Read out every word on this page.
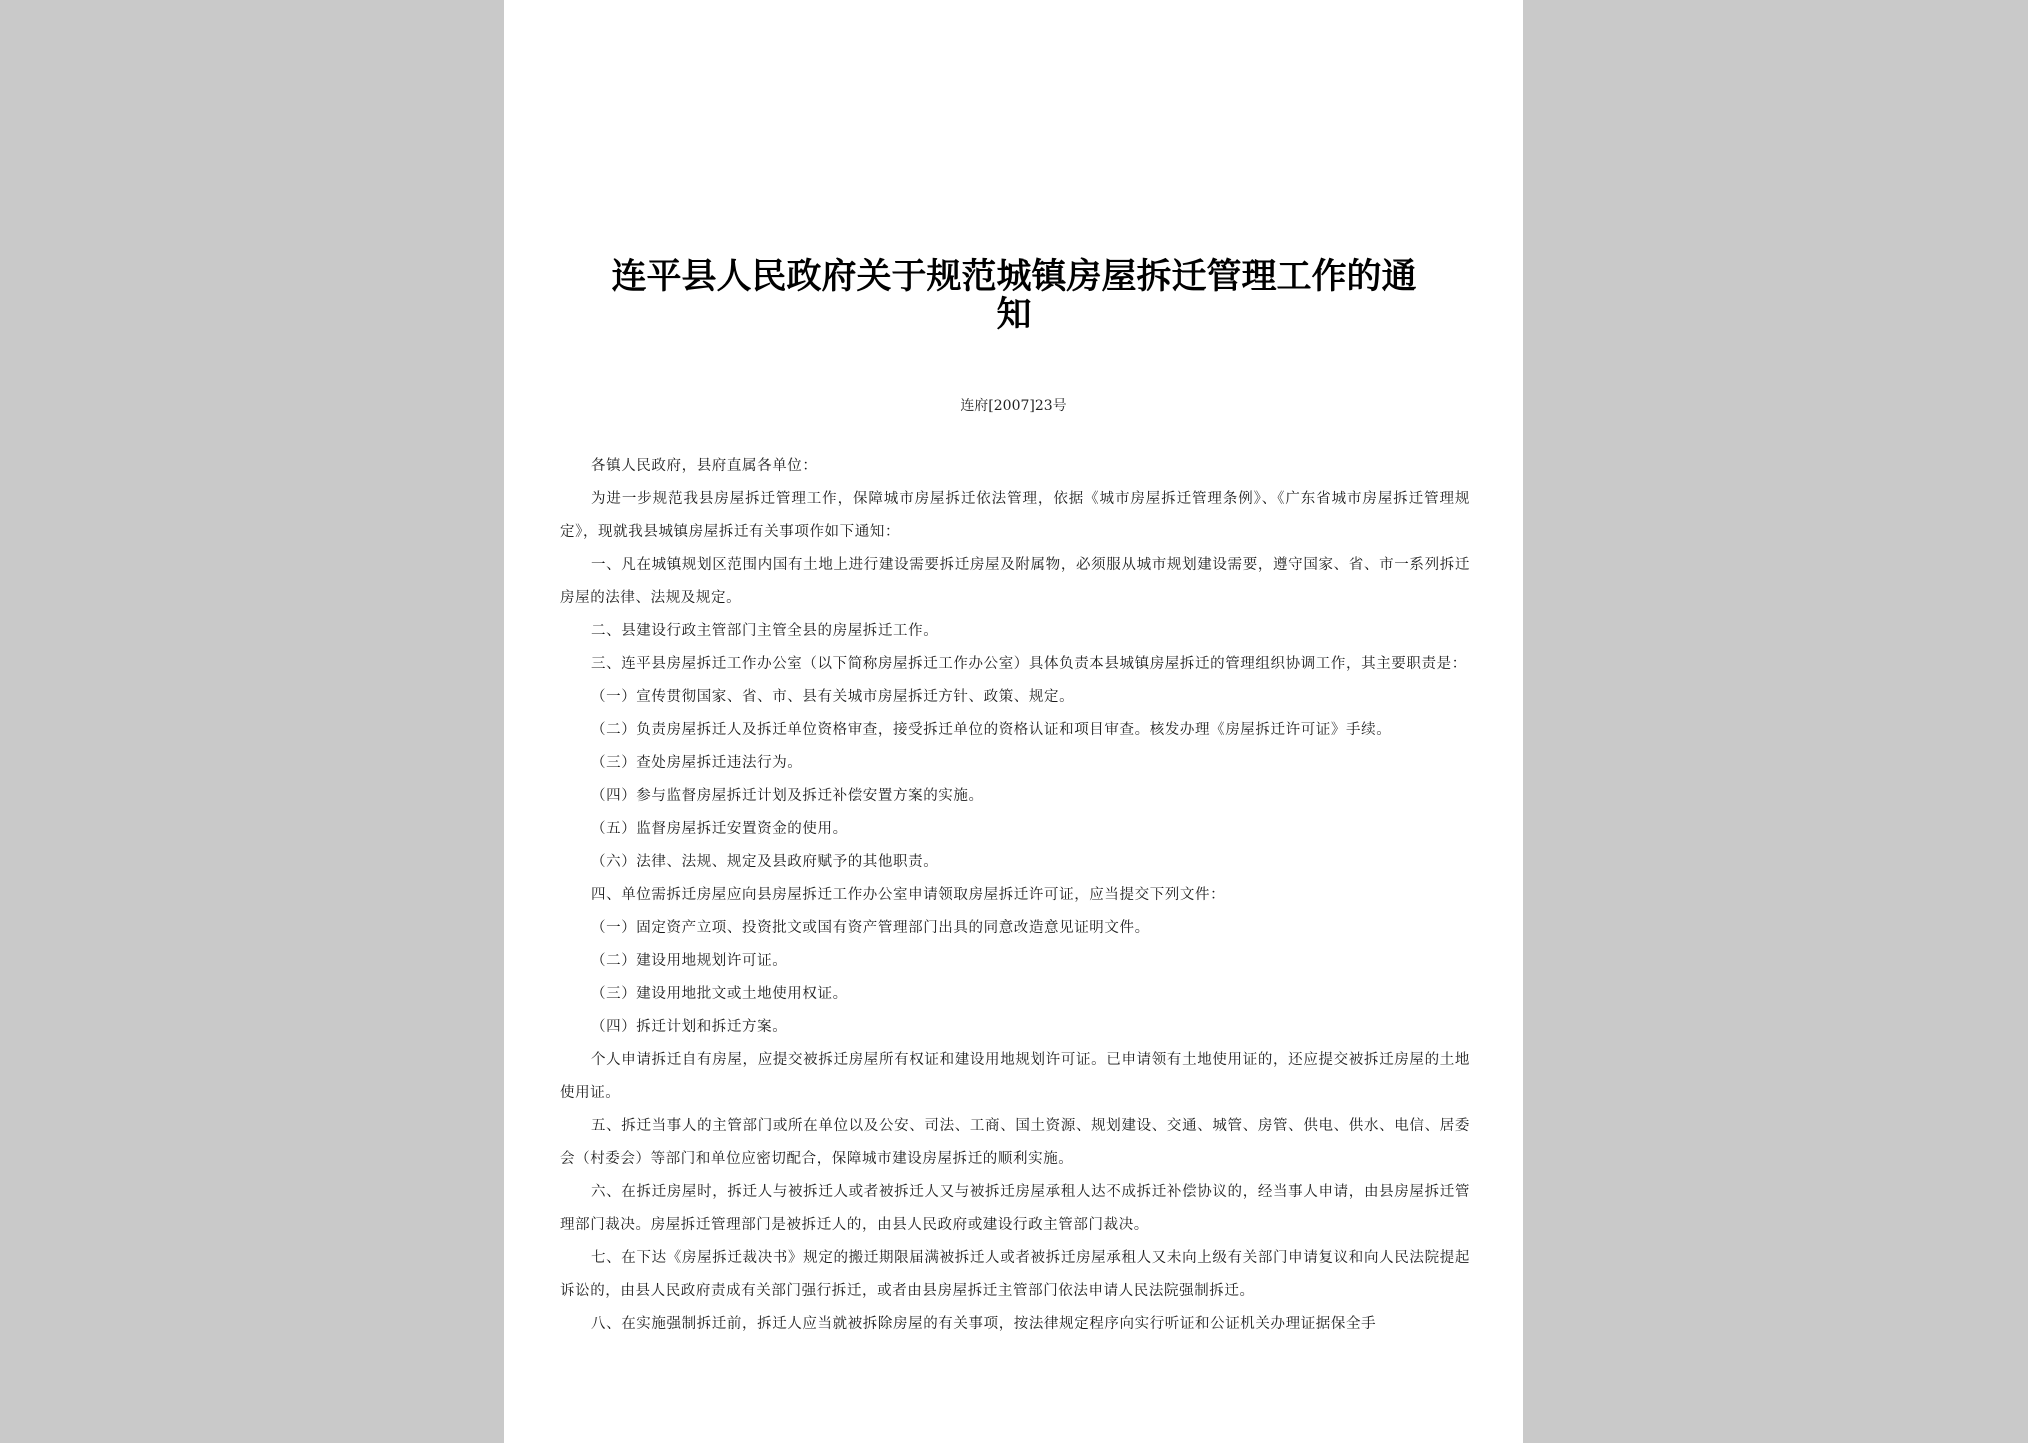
连平县人民政府关于规范城镇房屋拆迁管理工作的通
知
连府[2007]23号

各镇人民政府，县府直属各单位：

为进一步规范我县房屋拆迁管理工作，保障城市房屋拆迁依法管理，依据《城市房屋拆迁管理条例》、《广东省城市房屋拆迁管理规定》，现就我县城镇房屋拆迁有关事项作如下通知：

一、凡在城镇规划区范围内国有土地上进行建设需要拆迁房屋及附属物，必须服从城市规划建设需要，遵守国家、省、市一系列拆迁房屋的法律、法规及规定。

二、县建设行政主管部门主管全县的房屋拆迁工作。

三、连平县房屋拆迁工作办公室（以下简称房屋拆迁工作办公室）具体负责本县城镇房屋拆迁的管理组织协调工作，其主要职责是：

（一）宣传贯彻国家、省、市、县有关城市房屋拆迁方针、政策、规定。

（二）负责房屋拆迁人及拆迁单位资格审查，接受拆迁单位的资格认证和项目审查。核发办理《房屋拆迁许可证》手续。

（三）查处房屋拆迁违法行为。

（四）参与监督房屋拆迁计划及拆迁补偿安置方案的实施。

（五）监督房屋拆迁安置资金的使用。

（六）法律、法规、规定及县政府赋予的其他职责。

四、单位需拆迁房屋应向县房屋拆迁工作办公室申请领取房屋拆迁许可证，应当提交下列文件：

（一）固定资产立项、投资批文或国有资产管理部门出具的同意改造意见证明文件。

（二）建设用地规划许可证。

（三）建设用地批文或土地使用权证。

（四）拆迁计划和拆迁方案。

个人申请拆迁自有房屋，应提交被拆迁房屋所有权证和建设用地规划许可证。已申请领有土地使用证的，还应提交被拆迁房屋的土地使用证。

五、拆迁当事人的主管部门或所在单位以及公安、司法、工商、国土资源、规划建设、交通、城管、房管、供电、供水、电信、居委会（村委会）等部门和单位应密切配合，保障城市建设房屋拆迁的顺利实施。

六、在拆迁房屋时，拆迁人与被拆迁人或者被拆迁人又与被拆迁房屋承租人达不成拆迁补偿协议的，经当事人申请，由县房屋拆迁管理部门裁决。房屋拆迁管理部门是被拆迁人的，由县人民政府或建设行政主管部门裁决。

七、在下达《房屋拆迁裁决书》规定的搬迁期限届满被拆迁人或者被拆迁房屋承租人又未向上级有关部门申请复议和向人民法院提起诉讼的，由县人民政府责成有关部门强行拆迁，或者由县房屋拆迁主管部门依法申请人民法院强制拆迁。

八、在实施强制拆迁前，拆迁人应当就被拆除房屋的有关事项，按法律规定程序向实行听证和公证机关办理证据保全手
